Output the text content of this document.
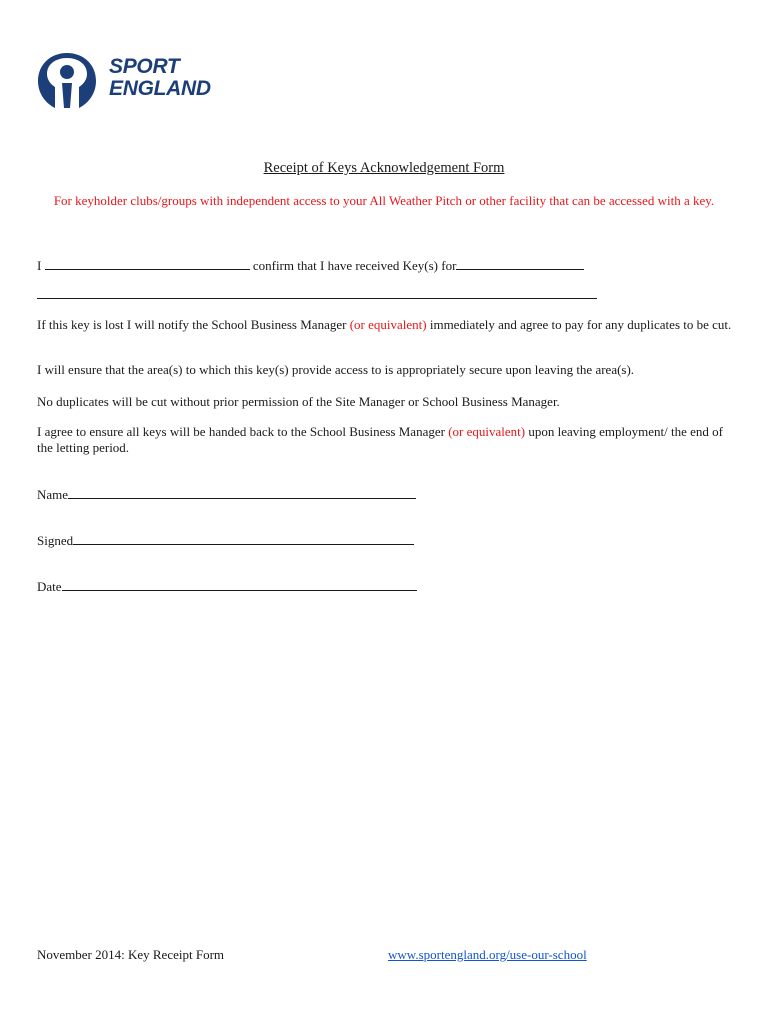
SPORT
ENGLAND
Receipt of Keys Acknowledgement Form
For keyholder clubs/groups with independent access to your All Weather Pitch or other facility that can be accessed with a key.
I	confirm that I have received Key(s) for
If this key is lost I will notify the School Business Manager (or equivalent) immediately and agree to pay for any duplicates to be cut.
I will ensure that the area(s) to which this key(s) provide access to is appropriately secure upon leaving the area(s).
No duplicates will be cut without prior permission of the Site Manager or School Business Manager.
I agree to ensure all keys will be handed back to the School Business Manager (or equivalent) upon leaving employment/ the end of the letting period.
Name
Signed
Date
November 2014: Key Receipt Form	www.sportengland.org/use-our-school
